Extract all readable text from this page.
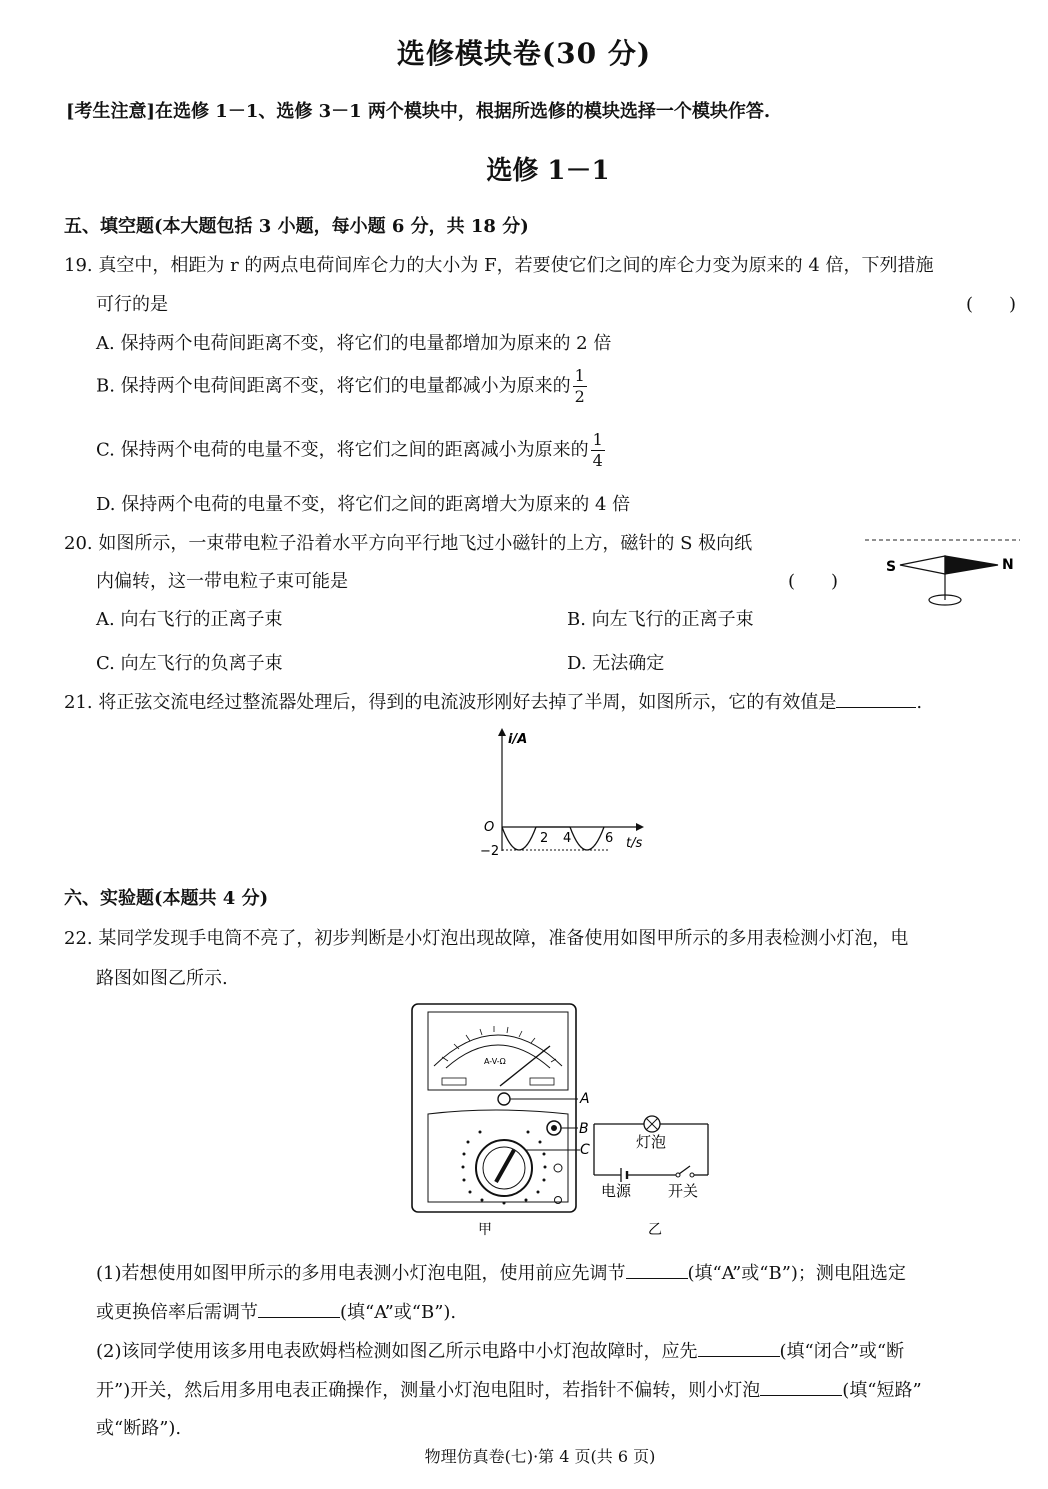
选修模块卷(30 分)
[考生注意]在选修 1－1、选修 3－1 两个模块中，根据所选修的模块选择一个模块作答.
选修 1－1
五、填空题(本大题包括 3 小题，每小题 6 分，共 18 分)
19. 真空中，相距为 r 的两点电荷间库仑力的大小为 F，若要使它们之间的库仑力变为原来的 4 倍，下列措施
可行的是	(　　)
A. 保持两个电荷间距离不变，将它们的电量都增加为原来的 2 倍
B. 保持两个电荷间距离不变，将它们的电量都减小为原来的 $\frac{1}{2}$
C. 保持两个电荷的电量不变，将它们之间的距离减小为原来的 $\frac{1}{4}$
D. 保持两个电荷的电量不变，将它们之间的距离增大为原来的 4 倍
20. 如图所示，一束带电粒子沿着水平方向平行地飞过小磁针的上方，磁针的 S 极向纸
内偏转，这一带电粒子束可能是	(　　)
A. 向右飞行的正离子束	B. 向左飞行的正离子束
C. 向左飞行的负离子束	D. 无法确定
S	N
21. 将正弦交流电经过整流器处理后，得到的电流波形刚好去掉了半周，如图所示，它的有效值是	.
i/A
t/s
O
−2
2 4	6
六、实验题(本题共 4 分)
22. 某同学发现手电筒不亮了，初步判断是小灯泡出现故障，准备使用如图甲所示的多用表检测小灯泡，电
路图如图乙所示.
A-V-Ω
A
B
C
甲
灯泡
电源 开关
乙
(1)若想使用如图甲所示的多用电表测小灯泡电阻，使用前应先调节	(填“A”或“B”)；测电阻选定
或更换倍率后需调节	(填“A”或“B”).
(2)该同学使用该多用电表欧姆档检测如图乙所示电路中小灯泡故障时，应先	(填“闭合”或“断
开”)开关，然后用多用电表正确操作，测量小灯泡电阻时，若指针不偏转，则小灯泡	(填“短路”
或“断路”).
物理仿真卷(七)·第 4 页(共 6 页)
